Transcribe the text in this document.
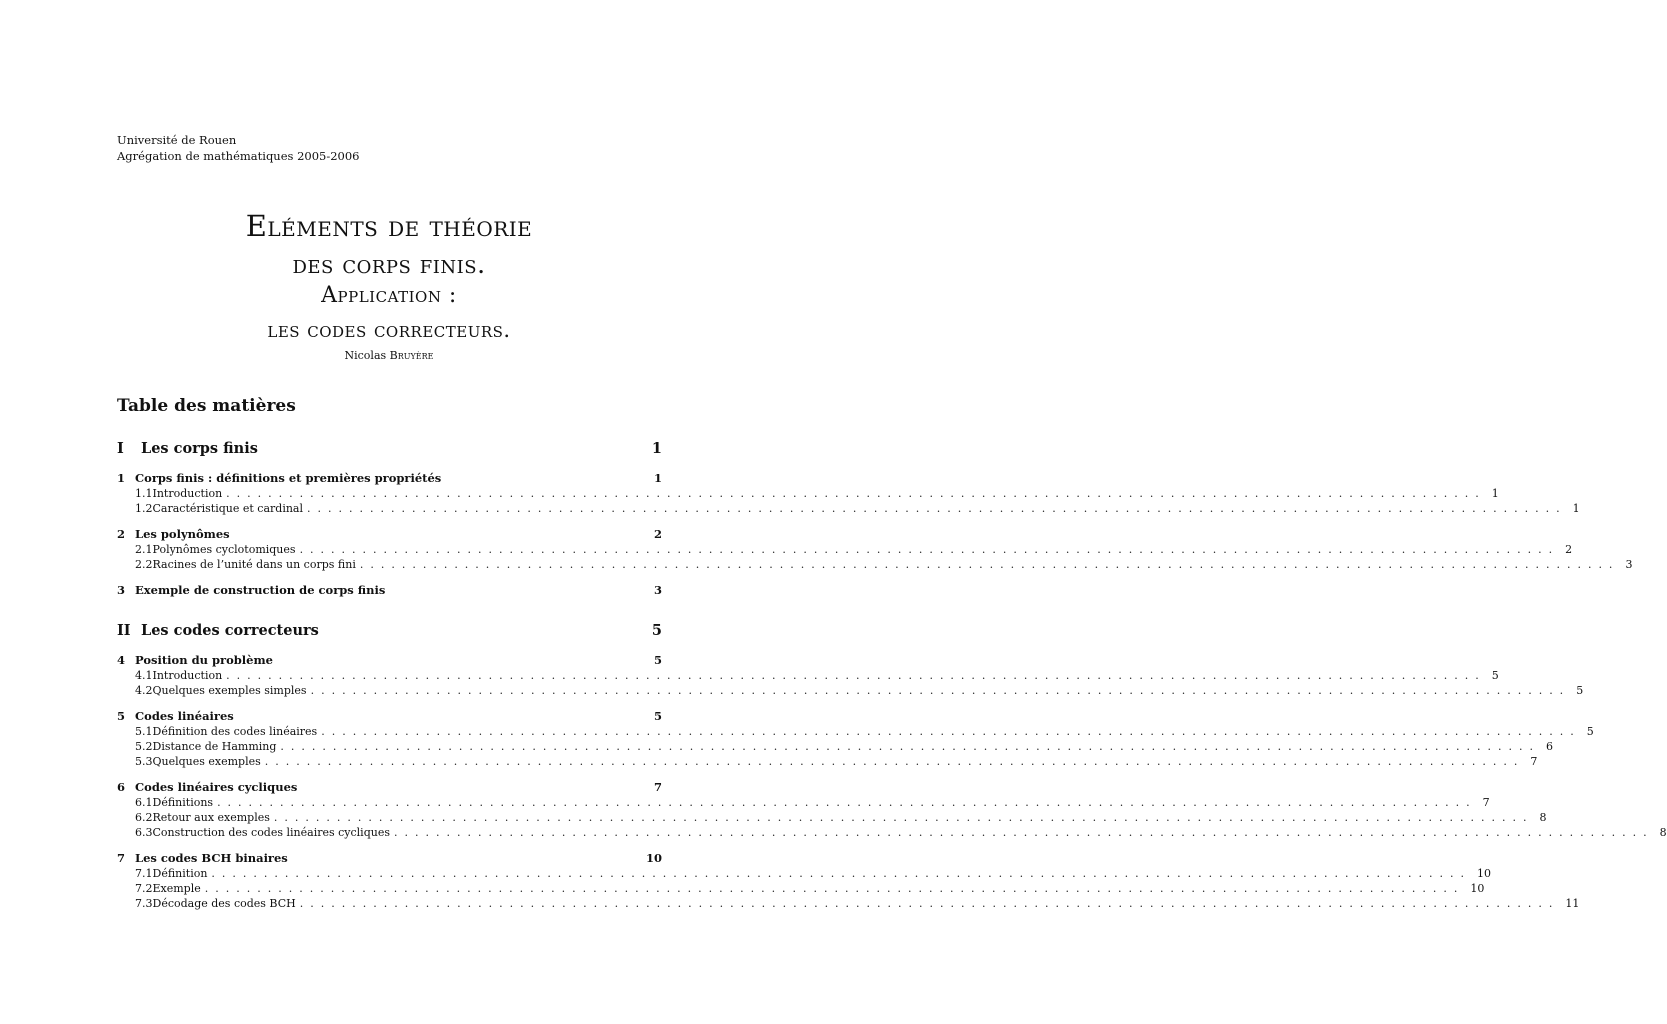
Université de Rouen
Agrégation de mathématiques 2005-2006
Eléments de théorie
des corps finis.
Application :
les codes correcteurs.
Nicolas Bruyère
Table des matières
I	Les corps finis	1
1 Corps finis : définitions et premières propriétés	1
1.1 Introduction ........................................................................................................................ 1
1.2 Caractéristique et cardinal ........................................................................................................................ 1
2 Les polynômes	2
2.1 Polynômes cyclotomiques ........................................................................................................................ 2
2.2 Racines de l’unité dans un corps fini ........................................................................................................................ 3
3 Exemple de construction de corps finis	3
II Les codes correcteurs	5
4 Position du problème	5
4.1 Introduction ........................................................................................................................ 5
4.2 Quelques exemples simples ........................................................................................................................ 5
5 Codes linéaires	5
5.1 Définition des codes linéaires ........................................................................................................................ 5
5.2 Distance de Hamming ........................................................................................................................ 6
5.3 Quelques exemples ........................................................................................................................ 7
6 Codes linéaires cycliques	7
6.1 Définitions ........................................................................................................................ 7
6.2 Retour aux exemples ........................................................................................................................ 8
6.3 Construction des codes linéaires cycliques ........................................................................................................................ 8
7 Les codes BCH binaires	10
7.1 Définition ........................................................................................................................ 10
7.2 Exemple ........................................................................................................................ 10
7.3 Décodage des codes BCH ........................................................................................................................ 11
